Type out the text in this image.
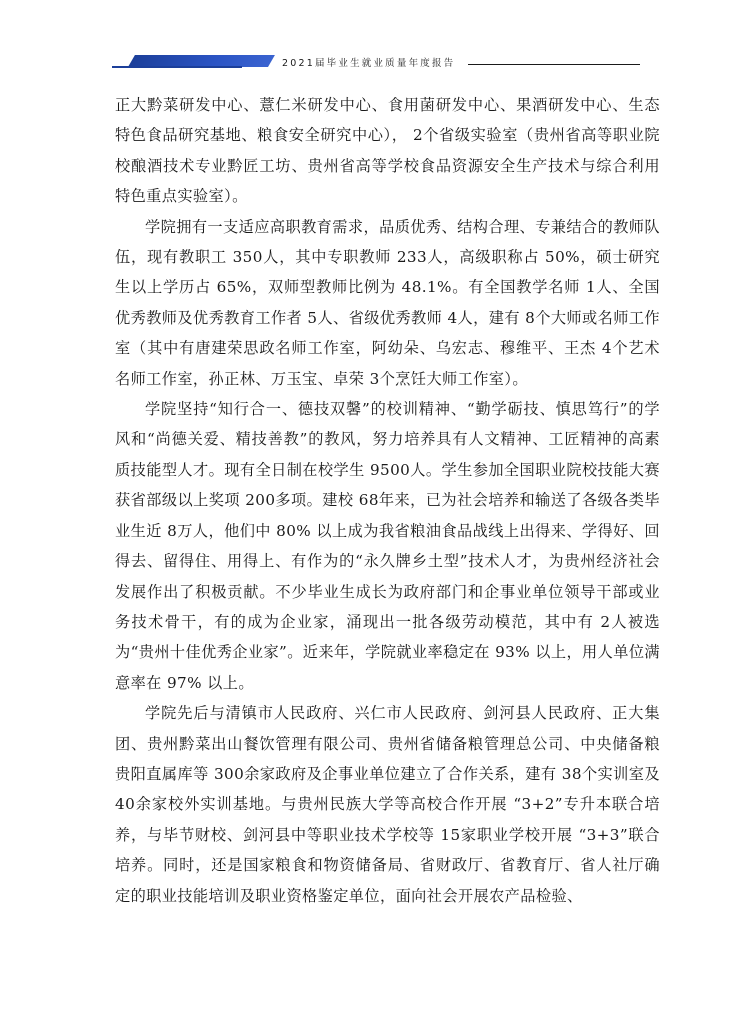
2021届毕业生就业质量年度报告

正大黔菜研发中心、薏仁米研发中心、食用菌研发中心、果酒研发中心、生态特色食品研究基地、粮食安全研究中心）， 2个省级实验室（贵州省高等职业院校酿酒技术专业黔匠工坊、贵州省高等学校食品资源安全生产技术与综合利用特色重点实验室）。

学院拥有一支适应高职教育需求，品质优秀、结构合理、专兼结合的教师队伍，现有教职工 350人，其中专职教师 233人，高级职称占 50%，硕士研究生以上学历占 65%，双师型教师比例为 48.1%。有全国教学名师 1人、全国优秀教师及优秀教育工作者 5人、省级优秀教师 4人，建有 8个大师或名师工作室（其中有唐建荣思政名师工作室，阿幼朵、乌宏志、穆维平、王杰 4个艺术名师工作室，孙正林、万玉宝、卓荣 3个烹饪大师工作室）。

学院坚持“知行合一、德技双馨”的校训精神、“勤学砺技、慎思笃行”的学风和“尚德关爱、精技善教”的教风，努力培养具有人文精神、工匠精神的高素质技能型人才。现有全日制在校学生 9500人。学生参加全国职业院校技能大赛获省部级以上奖项 200多项。建校 68年来，已为社会培养和输送了各级各类毕业生近 8万人，他们中 80% 以上成为我省粮油食品战线上出得来、学得好、回得去、留得住、用得上、有作为的“永久牌乡土型”技术人才，为贵州经济社会发展作出了积极贡献。不少毕业生成长为政府部门和企事业单位领导干部或业务技术骨干，有的成为企业家，涌现出一批各级劳动模范，其中有 2人被选为“贵州十佳优秀企业家”。近来年，学院就业率稳定在 93% 以上，用人单位满意率在 97% 以上。

学院先后与清镇市人民政府、兴仁市人民政府、剑河县人民政府、正大集团、贵州黔菜出山餐饮管理有限公司、贵州省储备粮管理总公司、中央储备粮贵阳直属库等 300余家政府及企事业单位建立了合作关系，建有 38个实训室及 40余家校外实训基地。与贵州民族大学等高校合作开展 “3+2”专升本联合培养，与毕节财校、剑河县中等职业技术学校等 15家职业学校开展 “3+3”联合培养。同时，还是国家粮食和物资储备局、省财政厅、省教育厅、省人社厅确定的职业技能培训及职业资格鉴定单位，面向社会开展农产品检验、
